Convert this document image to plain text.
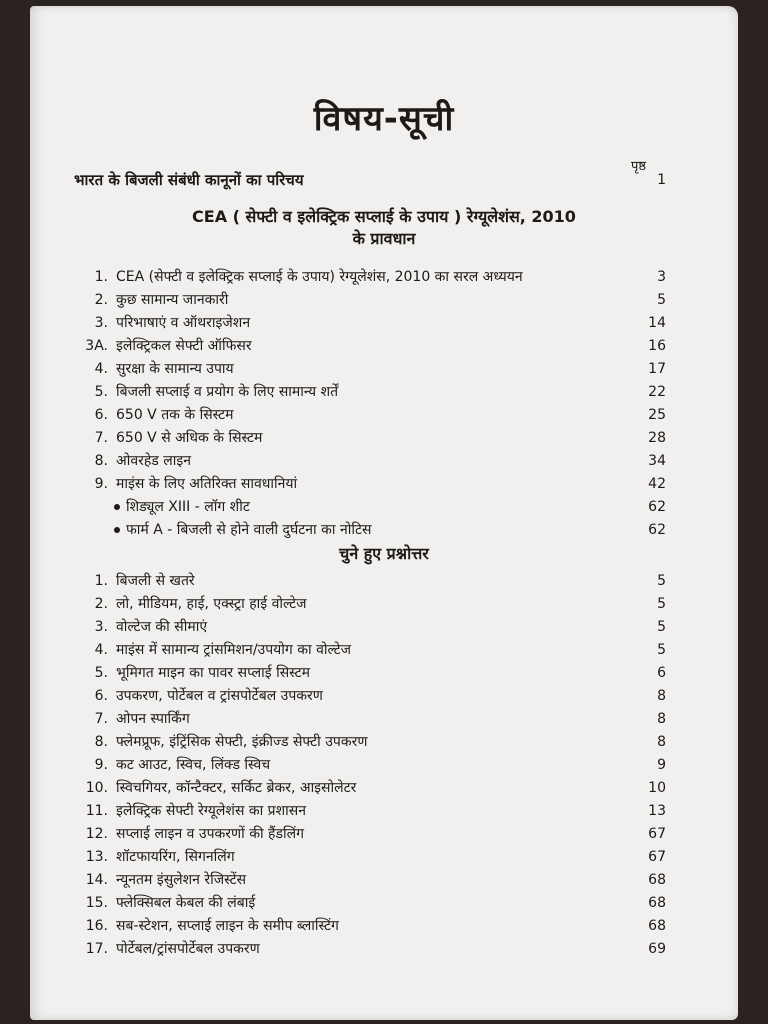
विषय-सूची
पृष्ठ
भारत के बिजली संबंधी कानूनों का परिचय	1
CEA ( सेफ्टी व इलेक्ट्रिक सप्लाई के उपाय ) रेग्यूलेशंस, 2010
के प्रावधान
1. CEA (सेफ्टी व इलेक्ट्रिक सप्लाई के उपाय) रेग्यूलेशंस, 2010 का सरल अध्ययन	3
2. कुछ सामान्य जानकारी	5
3. परिभाषाएं व ऑथराइजेशन	14
3A. इलेक्ट्रिकल सेफ्टी ऑफिसर	16
4. सुरक्षा के सामान्य उपाय	17
5. बिजली सप्लाई व प्रयोग के लिए सामान्य शर्तें	22
6. 650 V तक के सिस्टम	25
7. 650 V से अधिक के सिस्टम	28
8. ओवरहेड लाइन	34
9. माइंस के लिए अतिरिक्त सावधानियां	42
शिड्यूल XIII - लॉग शीट	62
फार्म A - बिजली से होने वाली दुर्घटना का नोटिस	62
चुने हुए प्रश्नोत्तर
1. बिजली से खतरे	5
2. लो, मीडियम, हाई, एक्स्ट्रा हाई वोल्टेज	5
3. वोल्टेज की सीमाएं	5
4. माइंस में सामान्य ट्रांसमिशन/उपयोग का वोल्टेज	5
5. भूमिगत माइन का पावर सप्लाई सिस्टम	6
6. उपकरण, पोर्टेबल व ट्रांसपोर्टेबल उपकरण	8
7. ओपन स्पार्किंग	8
8. फ्लेमप्रूफ, इंट्रिंसिक सेफ्टी, इंक्रीज्ड सेफ्टी उपकरण	8
9. कट आउट, स्विच, लिंक्ड स्विच	9
10. स्विचगियर, कॉन्टैक्टर, सर्किट ब्रेकर, आइसोलेटर	10
11. इलेक्ट्रिक सेफ्टी रेग्यूलेशंस का प्रशासन	13
12. सप्लाई लाइन व उपकरणों की हैंडलिंग	67
13. शॉटफायरिंग, सिगनलिंग	67
14. न्यूनतम इंसुलेशन रेजिस्टेंस	68
15. फ्लेक्सिबल केबल की लंबाई	68
16. सब-स्टेशन, सप्लाई लाइन के समीप ब्लास्टिंग	68
17. पोर्टेबल/ट्रांसपोर्टेबल उपकरण	69
